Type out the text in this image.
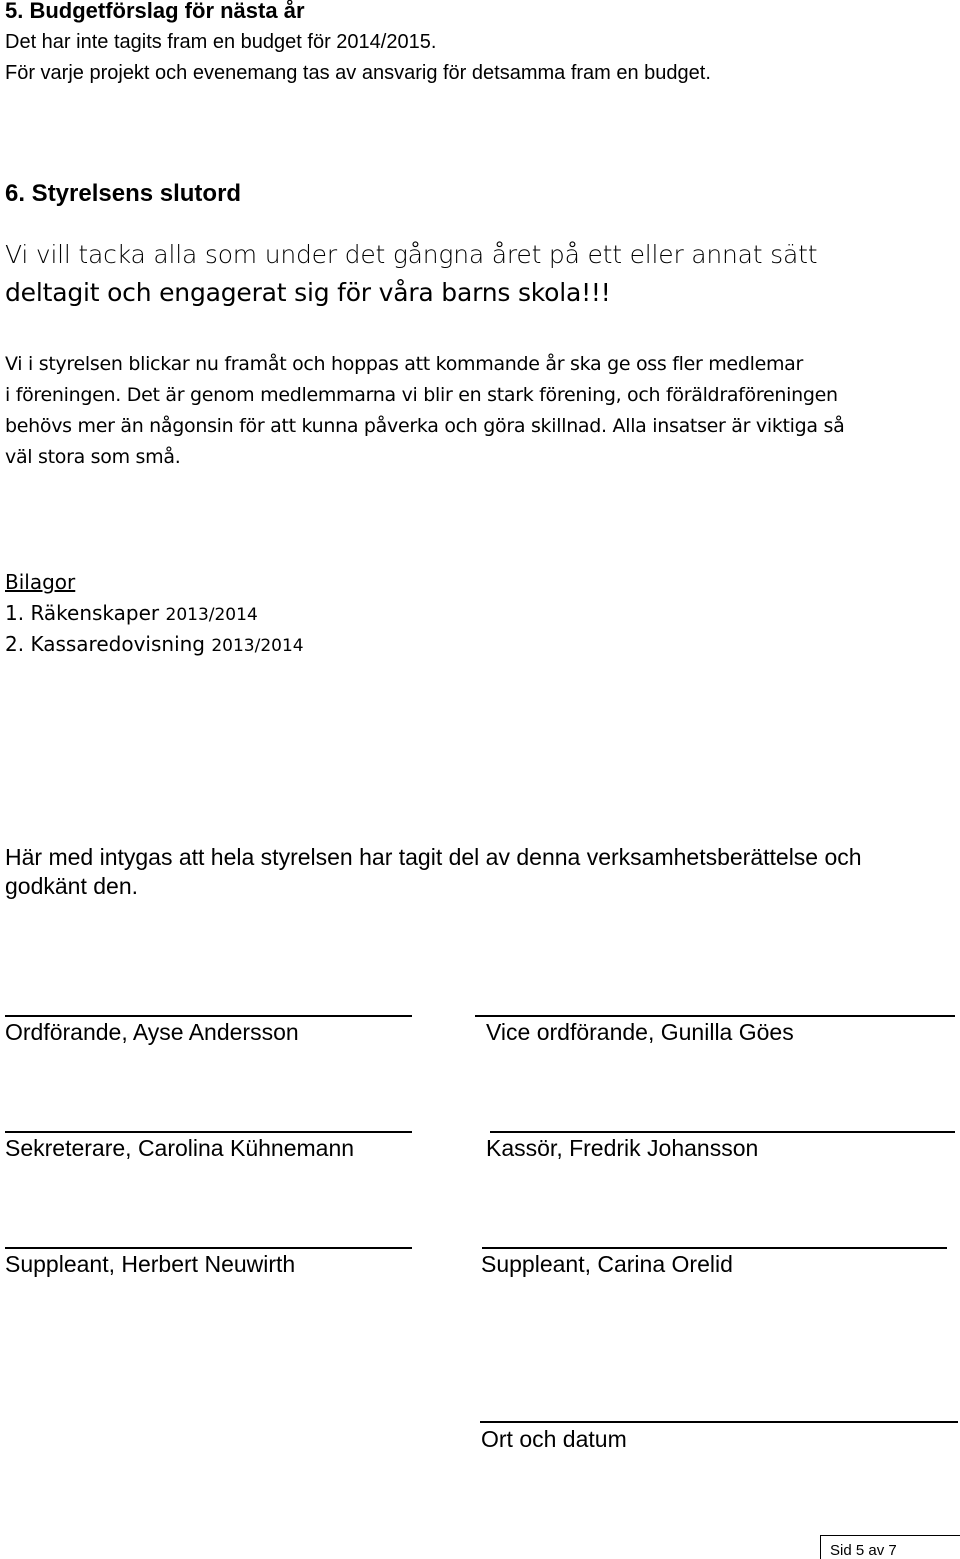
5. Budgetförslag för nästa år
Det har inte tagits fram en budget för 2014/2015.
För varje projekt och evenemang tas av ansvarig för detsamma fram en budget.
6. Styrelsens slutord
Vi vill tacka alla som under det gångna året på ett eller annat sätt
deltagit och engagerat sig för våra barns skola!!!
Vi i styrelsen blickar nu framåt och hoppas att kommande år ska ge oss fler medlemar
i föreningen. Det är genom medlemmarna vi blir en stark förening, och föräldraföreningen
behövs mer än någonsin för att kunna påverka och göra skillnad. Alla insatser är viktiga så
väl stora som små.
Bilagor
1. Räkenskaper 2013/2014
2. Kassaredovisning 2013/2014
Här med intygas att hela styrelsen har tagit del av denna verksamhetsberättelse och
godkänt den.
Ordförande, Ayse Andersson	Vice ordförande, Gunilla Göes
Sekreterare, Carolina Kühnemann	Kassör, Fredrik Johansson
Suppleant, Herbert Neuwirth	Suppleant, Carina Orelid
Ort och datum
Sid 5 av 7
